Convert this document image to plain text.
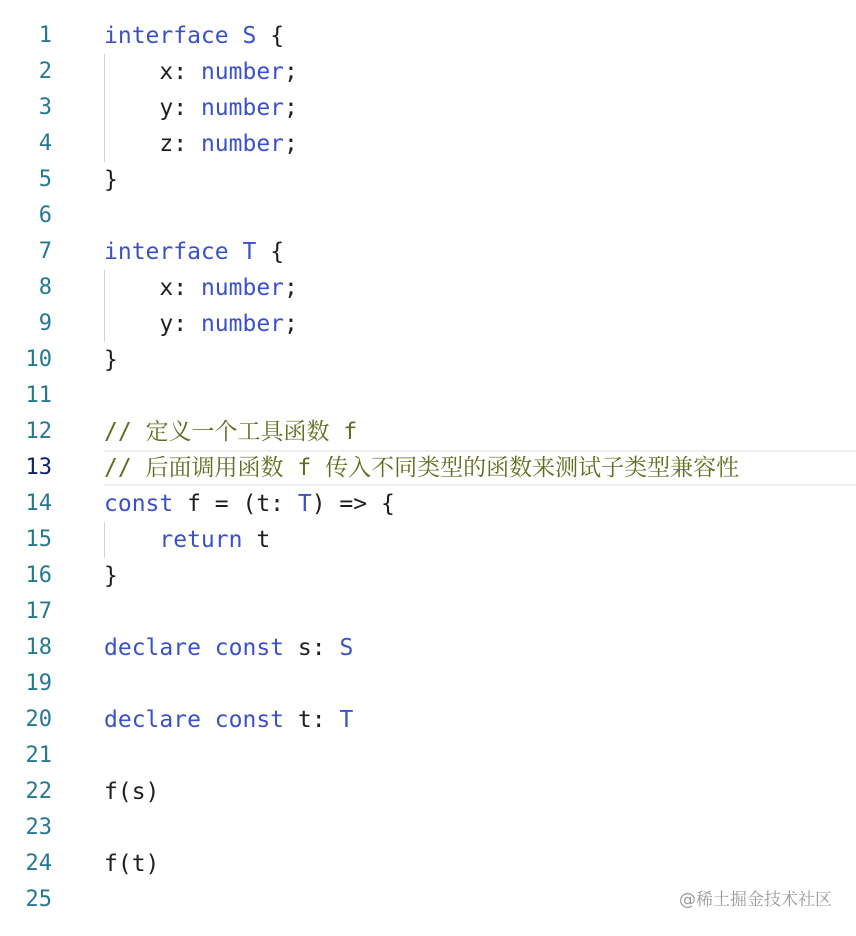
1 interface S {
2 x: number;
3 y: number;
4 z: number;
5 }
6
7 interface T {
8 x: number;
9 y: number;
10 }
11
12 // 定义一个工具函数 f
13 // 后面调用函数 f 传入不同类型的函数来测试子类型兼容性
14 const f = (t: T) => {
15	return t
16 }
17
18 declare const s: S
19
20 declare const t: T
21
22 f(s)
23
24 f(t)
25	@稀土掘金技术社区
